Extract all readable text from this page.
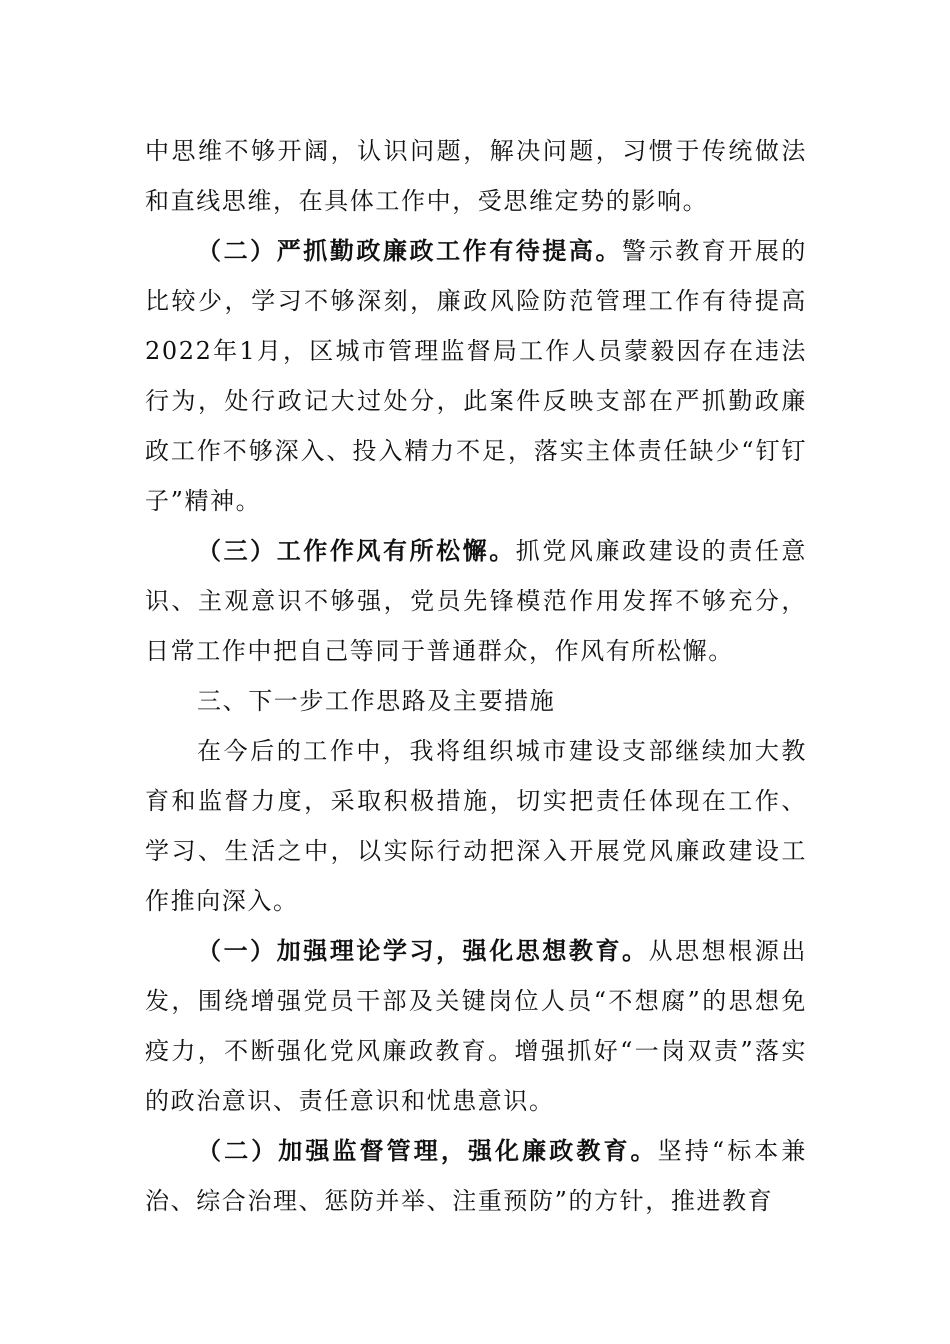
中思维不够开阔，认识问题，解决问题，习惯于传统做法和直线思维，在具体工作中，受思维定势的影响。

（二）严抓勤政廉政工作有待提高。警示教育开展的比较少，学习不够深刻，廉政风险防范管理工作有待提高2022年1月，区城市管理监督局工作人员蒙毅因存在违法行为，处行政记大过处分，此案件反映支部在严抓勤政廉政工作不够深入、投入精力不足，落实主体责任缺少“钉钉子”精神。

（三）工作作风有所松懈。抓党风廉政建设的责任意识、主观意识不够强，党员先锋模范作用发挥不够充分，日常工作中把自己等同于普通群众，作风有所松懈。

三、下一步工作思路及主要措施

在今后的工作中，我将组织城市建设支部继续加大教育和监督力度，采取积极措施，切实把责任体现在工作、学习、生活之中，以实际行动把深入开展党风廉政建设工作推向深入。

（一）加强理论学习，强化思想教育。从思想根源出发，围绕增强党员干部及关键岗位人员“不想腐”的思想免疫力，不断强化党风廉政教育。增强抓好“一岗双责”落实的政治意识、责任意识和忧患意识。

（二）加强监督管理，强化廉政教育。坚持“标本兼治、综合治理、惩防并举、注重预防”的方针，推进教育
